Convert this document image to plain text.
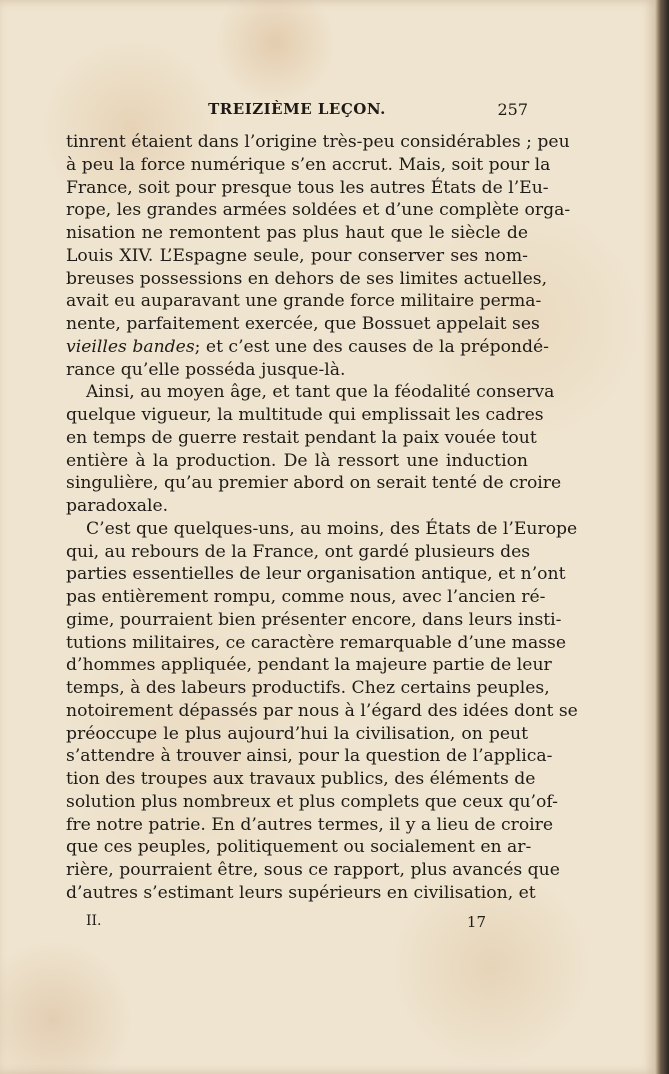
TREIZIÈME LEÇON.	257
tinrent étaient dans l’origine très-peu considérables ; peu
à peu la force numérique s’en accrut. Mais, soit pour la
France, soit pour presque tous les autres États de l’Eu-
rope, les grandes armées soldées et d’une complète orga-
nisation ne remontent pas plus haut que le siècle de
Louis XIV. L’Espagne seule, pour conserver ses nom-
breuses possessions en dehors de ses limites actuelles,
avait eu auparavant une grande force militaire perma-
nente, parfaitement exercée, que Bossuet appelait ses
vieilles bandes; et c’est une des causes de la prépondé-
rance qu’elle posséda jusque-là.
Ainsi, au moyen âge, et tant que la féodalité conserva
quelque vigueur, la multitude qui emplissait les cadres
en temps de guerre restait pendant la paix vouée tout
entière à la production. De là ressort une induction
singulière, qu’au premier abord on serait tenté de croire
paradoxale.
C’est que quelques-uns, au moins, des États de l’Europe
qui, au rebours de la France, ont gardé plusieurs des
parties essentielles de leur organisation antique, et n’ont
pas entièrement rompu, comme nous, avec l’ancien ré-
gime, pourraient bien présenter encore, dans leurs insti-
tutions militaires, ce caractère remarquable d’une masse
d’hommes appliquée, pendant la majeure partie de leur
temps, à des labeurs productifs. Chez certains peuples,
notoirement dépassés par nous à l’égard des idées dont se
préoccupe le plus aujourd’hui la civilisation, on peut
s’attendre à trouver ainsi, pour la question de l’applica-
tion des troupes aux travaux publics, des éléments de
solution plus nombreux et plus complets que ceux qu’of-
fre notre patrie. En d’autres termes, il y a lieu de croire
que ces peuples, politiquement ou socialement en ar-
rière, pourraient être, sous ce rapport, plus avancés que
d’autres s’estimant leurs supérieurs en civilisation, et
II.	17
